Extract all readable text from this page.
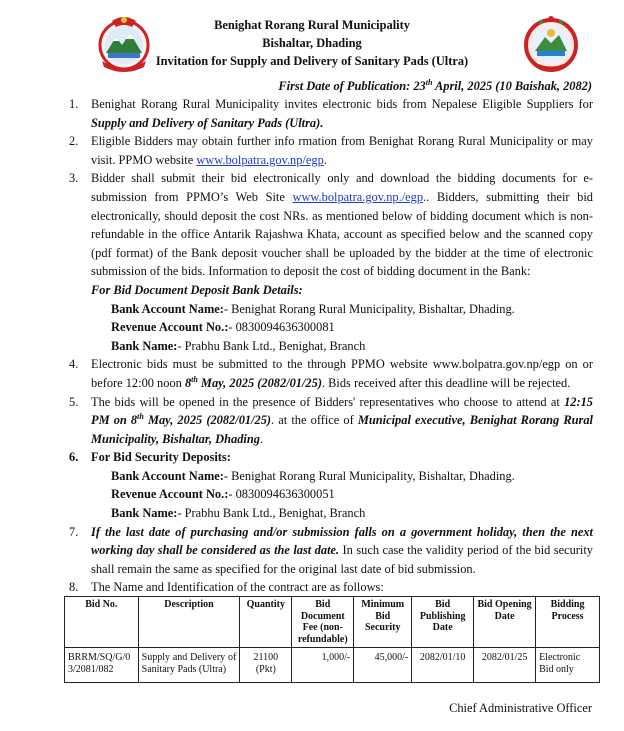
Benighat Rorang Rural Municipality
Bishaltar, Dhading
Invitation for Supply and Delivery of Sanitary Pads (Ultra)
First Date of Publication: 23th April, 2025 (10 Baishak, 2082)
1.	Benighat Rorang Rural Municipality invites electronic bids from Nepalese Eligible Suppliers for Supply and Delivery of Sanitary Pads (Ultra).
2.	Eligible Bidders may obtain further info rmation from Benighat Rorang Rural Municipality or may visit. PPMO website www.bolpatra.gov.np/egp.
3.	Bidder shall submit their bid electronically only and download the bidding documents for e-submission from PPMO’s Web Site www.bolpatra.gov.np./egp.. Bidders, submitting their bid electronically, should deposit the cost NRs. as mentioned below of bidding document which is non-refundable in the office Antarik Rajashwa Khata, account as specified below and the scanned copy (pdf format) of the Bank deposit voucher shall be uploaded by the bidder at the time of electronic submission of the bids. Information to deposit the cost of bidding document in the Bank:
For Bid Document Deposit Bank Details:
Bank Account Name:- Benighat Rorang Rural Municipality, Bishaltar, Dhading.
Revenue Account No.:- 0830094636300081
Bank Name:- Prabhu Bank Ltd., Benighat, Branch
4.	Electronic bids must be submitted to the through PPMO website www.bolpatra.gov.np/egp on or before 12:00 noon 8th May, 2025 (2082/01/25). Bids received after this deadline will be rejected.
5.	The bids will be opened in the presence of Bidders' representatives who choose to attend at 12:15 PM on 8th May, 2025 (2082/01/25). at the office of Municipal executive, Benighat Rorang Rural Municipality, Bishaltar, Dhading.
6.	For Bid Security Deposits:
Bank Account Name:- Benighat Rorang Rural Municipality, Bishaltar, Dhading.
Revenue Account No.:- 0830094636300051
Bank Name:- Prabhu Bank Ltd., Benighat, Branch
7.	If the last date of purchasing and/or submission falls on a government holiday, then the next working day shall be considered as the last date. In such case the validity period of the bid security shall remain the same as specified for the original last date of bid submission.
8.	The Name and Identification of the contract are as follows:
Bid No.	Description	Quantity	Bid Document Fee (non-refundable)	Minimum Bid Security	Bid Publishing Date	Bid Opening Date	Bidding Process
BRRM/SQ/G/03/2081/082	Supply and Delivery of Sanitary Pads (Ultra)	21100 (Pkt)	1,000/-	45,000/-	2082/01/10	2082/01/25	Electronic Bid only
Chief Administrative Officer
